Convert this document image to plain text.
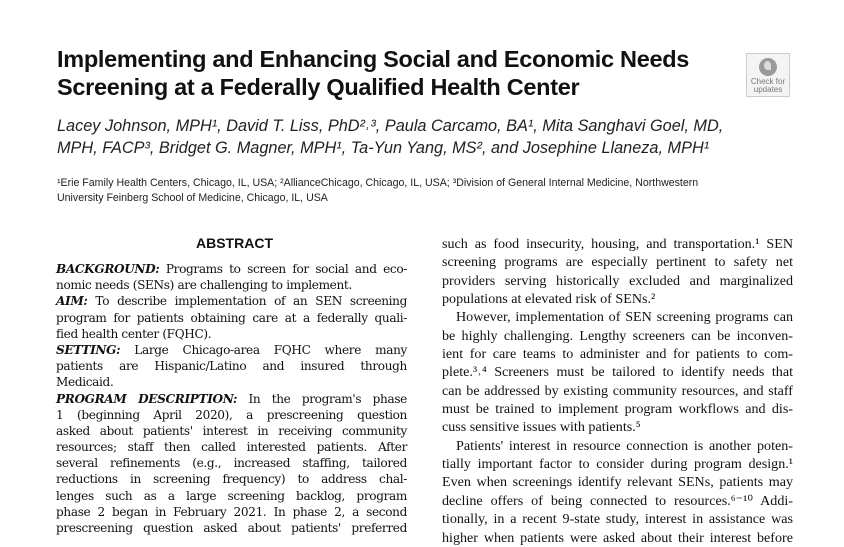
Implementing and Enhancing Social and Economic Needs
Screening at a Federally Qualified Health Center	Check for
updates
Lacey Johnson, MPH¹, David T. Liss, PhD²˒³, Paula Carcamo, BA¹, Mita Sanghavi Goel, MD,
MPH, FACP³, Bridget G. Magner, MPH¹, Ta-Yun Yang, MS², and Josephine Llaneza, MPH¹
¹Erie Family Health Centers, Chicago, IL, USA; ²AllianceChicago, Chicago, IL, USA; ³Division of General Internal Medicine, Northwestern
University Feinberg School of Medicine, Chicago, IL, USA
ABSTRACT
BACKGROUND: Programs to screen for social and eco-
nomic needs (SENs) are challenging to implement.
AIM: To describe implementation of an SEN screening
program for patients obtaining care at a federally quali-
fied health center (FQHC).
SETTING: Large Chicago-area FQHC where many
patients are Hispanic/Latino and insured through
Medicaid.
PROGRAM DESCRIPTION: In the program's phase
1 (beginning April 2020), a prescreening question
asked about patients' interest in receiving community
resources; staff then called interested patients. After
several refinements (e.g., increased staffing, tailored
reductions in screening frequency) to address chal-
lenges such as a large screening backlog, program
phase 2 began in February 2021. In phase 2, a second
prescreening question asked about patients' preferred
such as food insecurity, housing, and transportation.¹ SEN
screening programs are especially pertinent to safety net
providers serving historically excluded and marginalized
populations at elevated risk of SENs.²
However, implementation of SEN screening programs can
be highly challenging. Lengthy screeners can be inconven-
ient for care teams to administer and for patients to com-
plete.³˒⁴ Screeners must be tailored to identify needs that
can be addressed by existing community resources, and staff
must be trained to implement program workflows and dis-
cuss sensitive issues with patients.⁵
Patients' interest in resource connection is another poten-
tially important factor to consider during program design.¹
Even when screenings identify relevant SENs, patients may
decline offers of being connected to resources.⁶⁻¹⁰ Addi-
tionally, in a recent 9-state study, interest in assistance was
higher when patients were asked about their interest before
